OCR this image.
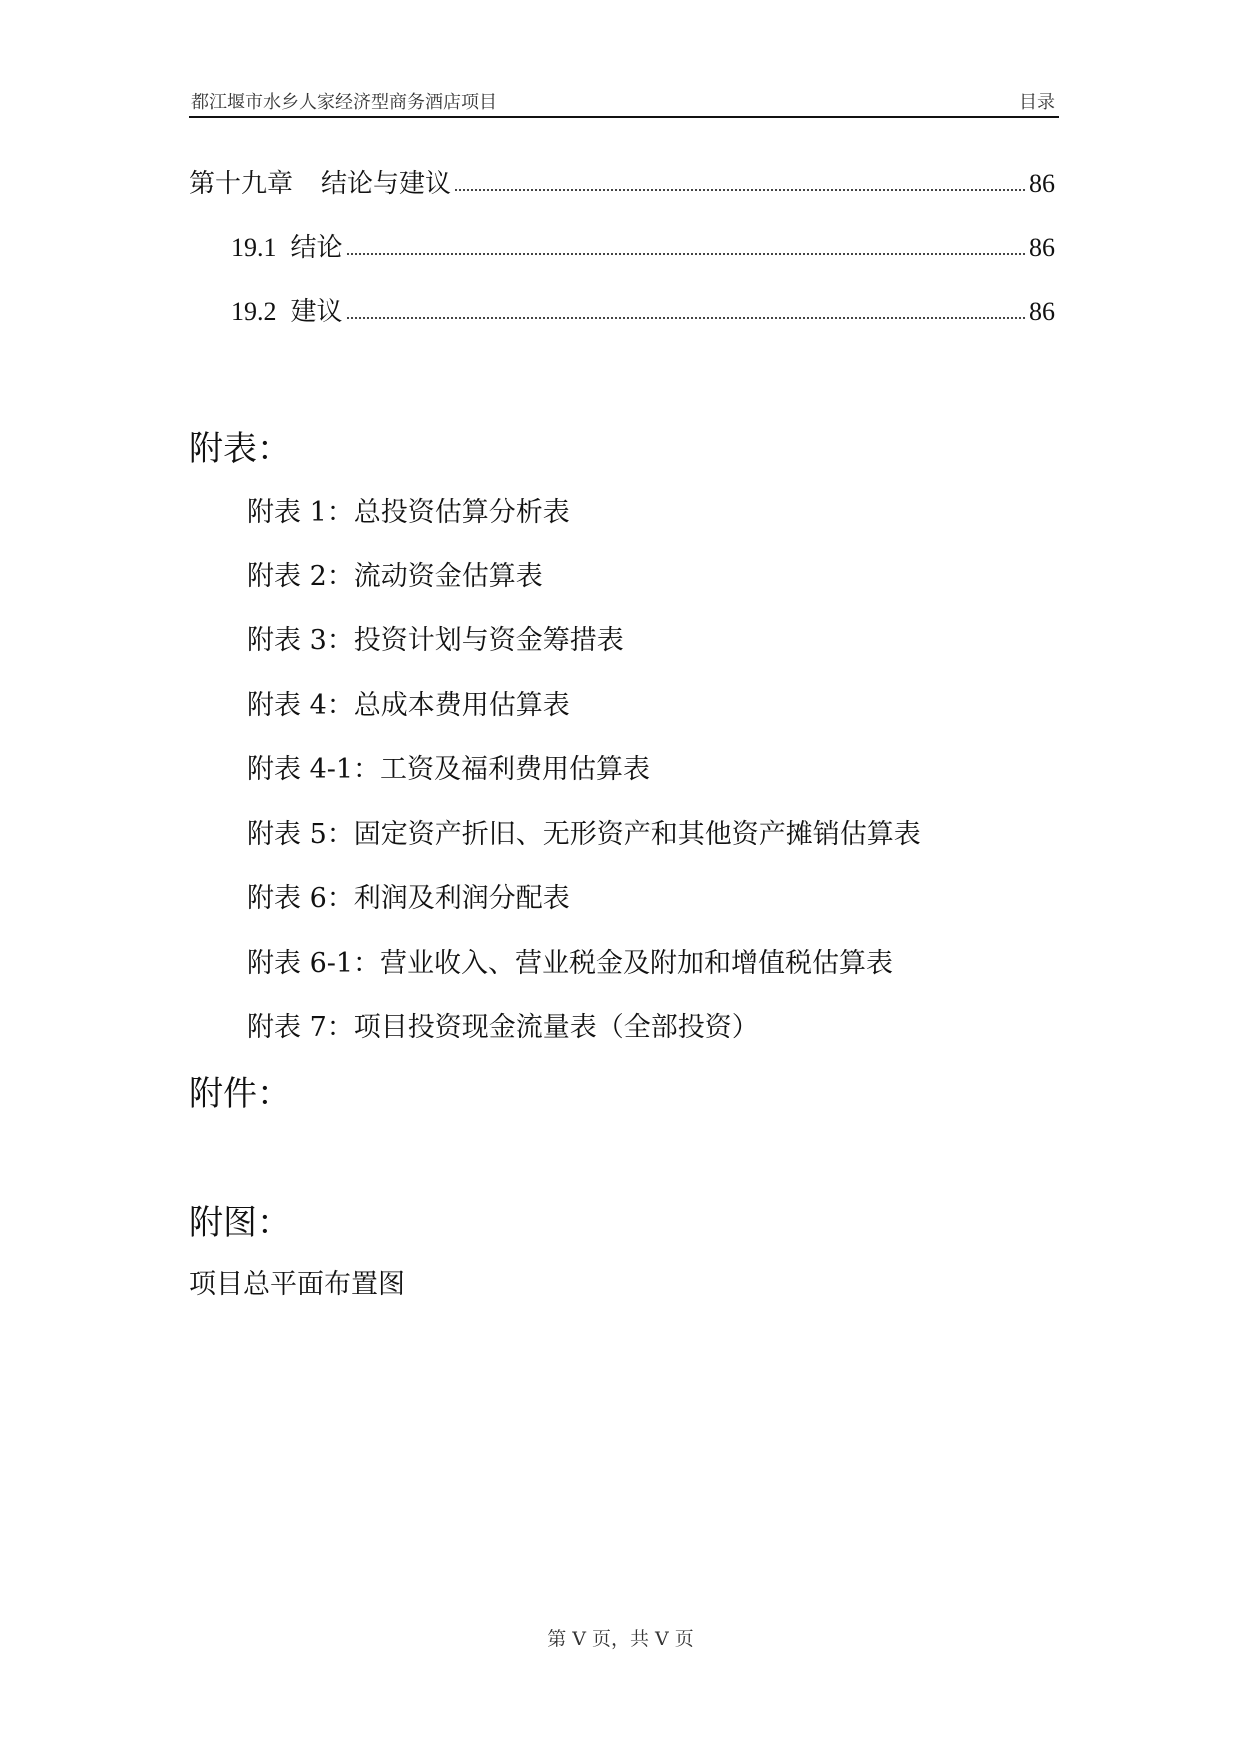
都江堰市水乡人家经济型商务酒店项目	目录
第十九章 结论与建议	86
19.1 结论	86
19.2 建议	86
附表：
附表 1：总投资估算分析表
附表 2：流动资金估算表
附表 3：投资计划与资金筹措表
附表 4：总成本费用估算表
附表 4-1：工资及福利费用估算表
附表 5：固定资产折旧、无形资产和其他资产摊销估算表
附表 6：利润及利润分配表
附表 6-1：营业收入、营业税金及附加和增值税估算表
附表 7：项目投资现金流量表（全部投资）
附件：
附图：
项目总平面布置图
第 V 页，共 V 页
